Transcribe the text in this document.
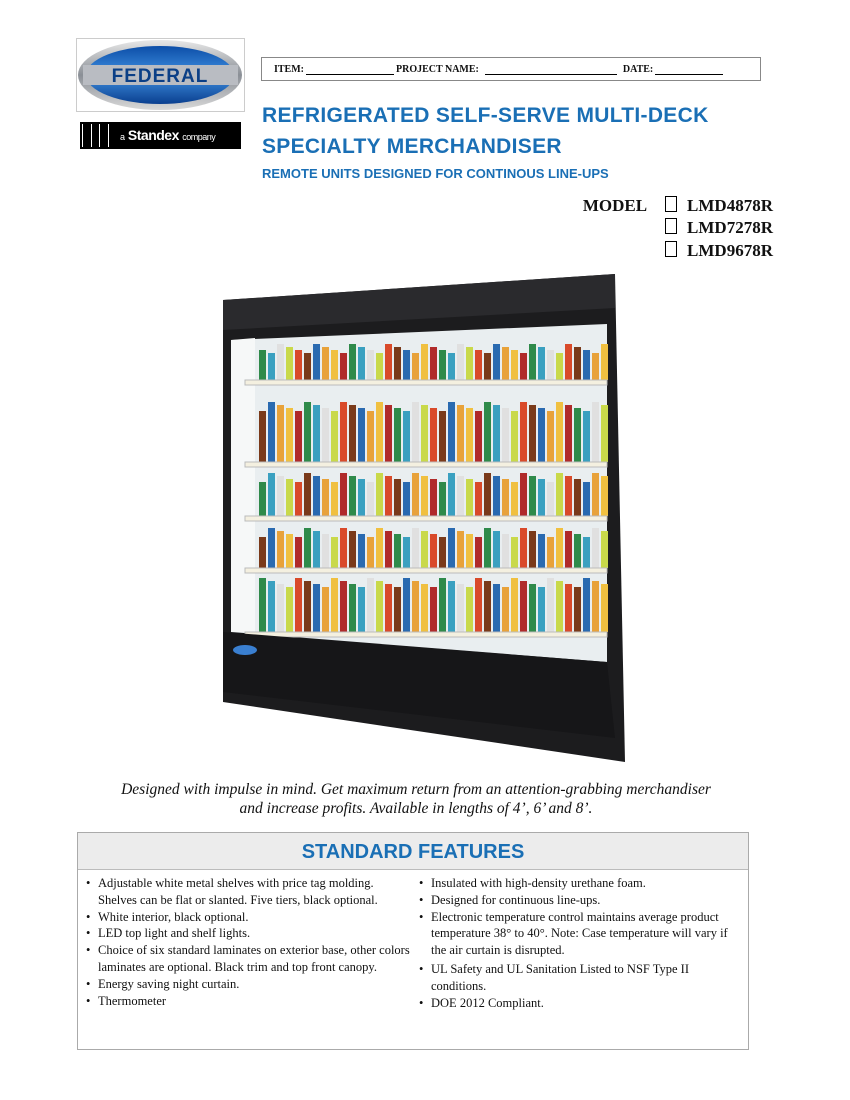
FEDERAL
a Standex company
ITEM:	PROJECT NAME:	DATE:
REFRIGERATED SELF-SERVE MULTI-DECK
SPECIALTY MERCHANDISER
REMOTE UNITS DESIGNED FOR CONTINOUS LINE-UPS
MODEL LMD4878R
LMD7278R
LMD9678R
Designed with impulse in mind. Get maximum return from an attention-grabbing merchandiser
and increase profits. Available in lengths of 4’, 6’ and 8’.
STANDARD FEATURES
• Adjustable white metal shelves with price tag molding. Shelves can be flat or slanted. Five tiers, black optional.
• White interior, black optional.
• LED top light and shelf lights.
• Choice of six standard laminates on exterior base, other colors laminates are optional. Black trim and top front canopy.
• Energy saving night curtain.
• Thermometer
• Insulated with high-density urethane foam.
• Designed for continuous line-ups.
• Electronic temperature control maintains average product temperature 38° to 40°. Note: Case temperature will vary if the air curtain is disrupted.
• UL Safety and UL Sanitation Listed to NSF Type II conditions.
• DOE 2012 Compliant.
